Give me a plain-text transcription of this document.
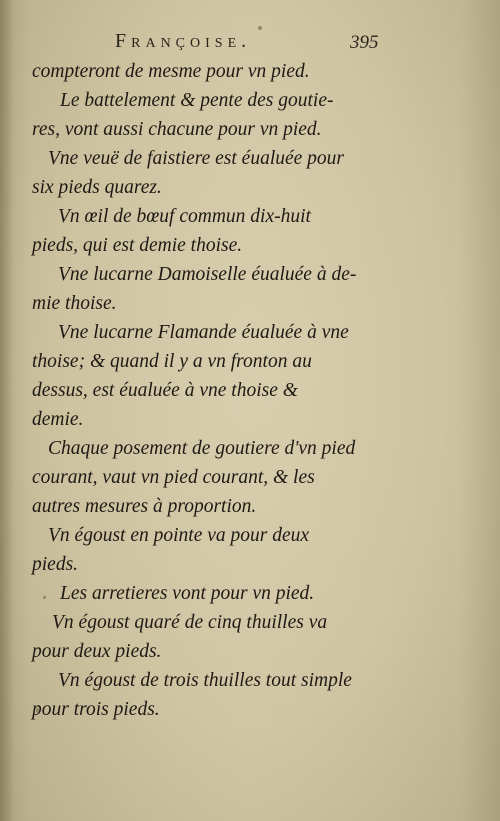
Françoise.	395
compteront de mesme pour vn pied.
Le battelement & pente des goutie-
res, vont aussi chacune pour vn pied.
Vne veuë de faistiere est éualuée pour
six pieds quarez.
Vn œil de bœuf commun dix-huit
pieds, qui est demie thoise.
Vne lucarne Damoiselle éualuée à de-
mie thoise.
Vne lucarne Flamande éualuée à vne
thoise; & quand il y a vn fronton au
dessus, est éualuée à vne thoise &
demie.
Chaque posement de goutiere d'vn pied
courant, vaut vn pied courant, & les
autres mesures à proportion.
Vn égoust en pointe va pour deux
pieds.
Les arretieres vont pour vn pied.
Vn égoust quaré de cinq thuilles va
pour deux pieds.
Vn égoust de trois thuilles tout simple
pour trois pieds.
